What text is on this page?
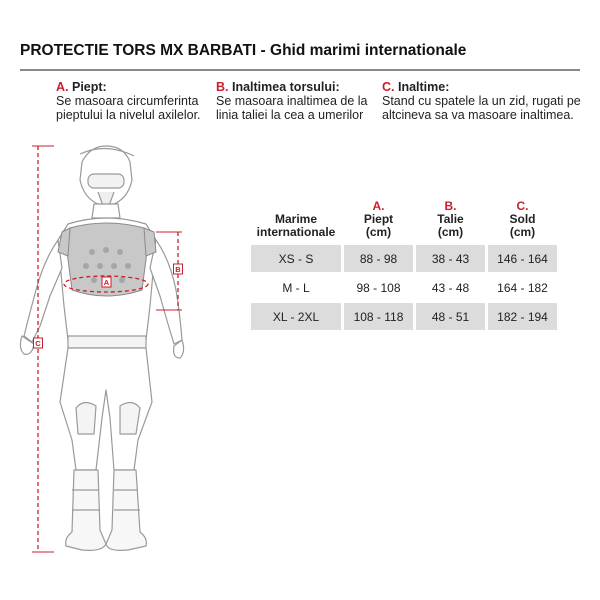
PROTECTIE TORS MX BARBATI - Ghid marimi internationale
A. Piept:
Se masoara circumferinta
pieptului la nivelul axilelor.
B. Inaltimea torsului:
Se masoara inaltimea de la
linia taliei la cea a umerilor
C. Inaltime:
Stand cu spatele la un zid, rugati pe
altcineva sa va masoare inaltimea.
A
B
C
Marime
internationale	A.
Piept
(cm)	B.
Talie
(cm)	C.
Sold
(cm)

XS - S	88 - 98	38 - 43	146 - 164
M - L	98 - 108	43 - 48	164 - 182
XL - 2XL	108 - 118	48 - 51	182 - 194
